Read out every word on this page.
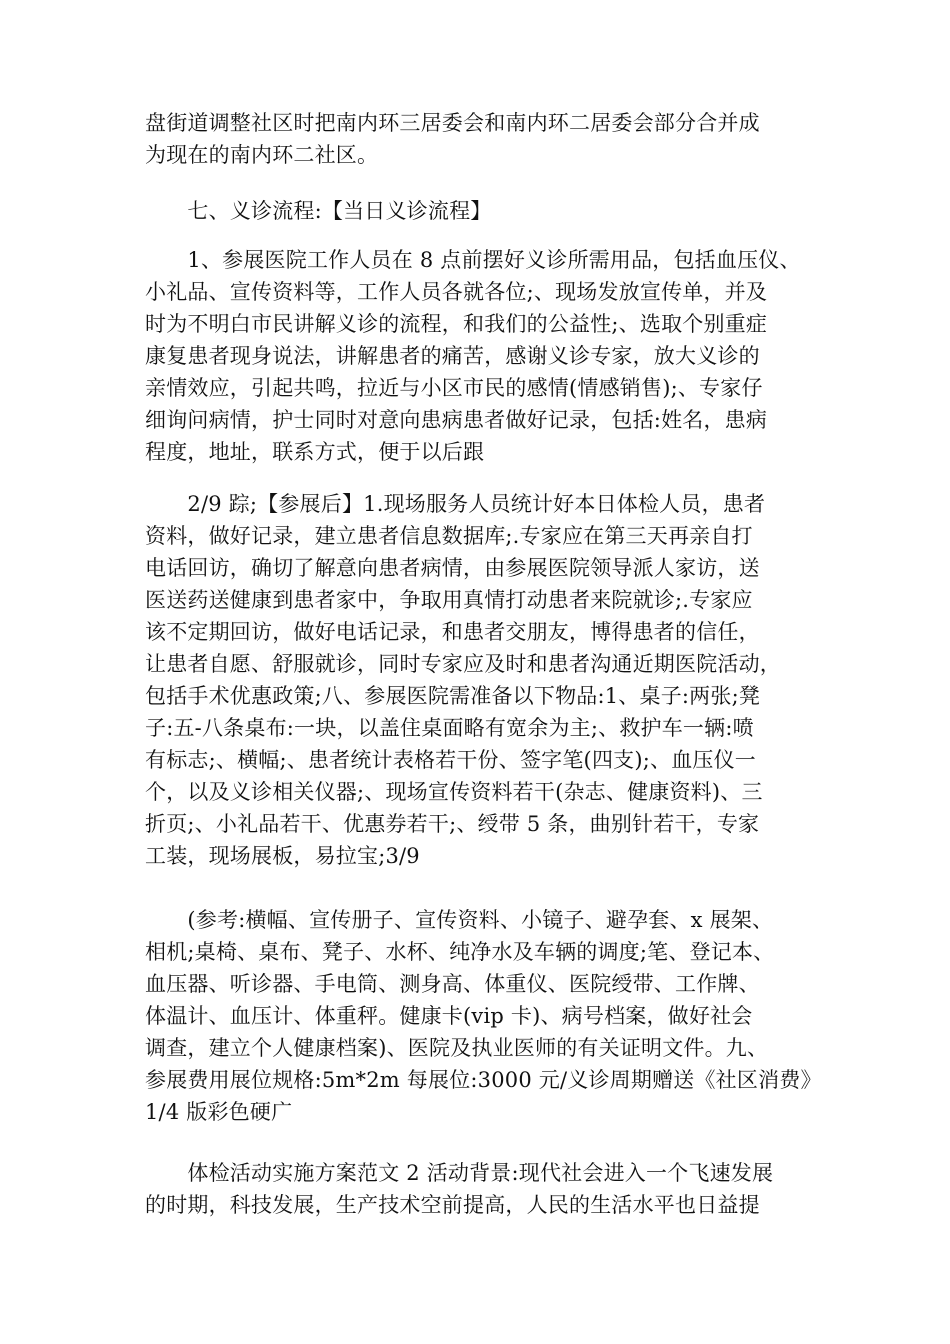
盘街道调整社区时把南内环三居委会和南内环二居委会部分合并成
为现在的南内环二社区。
　　七、义诊流程:【当日义诊流程】
　　1、参展医院工作人员在 8 点前摆好义诊所需用品，包括血压仪、
小礼品、宣传资料等，工作人员各就各位;、现场发放宣传单，并及
时为不明白市民讲解义诊的流程，和我们的公益性;、选取个别重症
康复患者现身说法，讲解患者的痛苦，感谢义诊专家，放大义诊的
亲情效应，引起共鸣，拉近与小区市民的感情(情感销售);、专家仔
细询问病情，护士同时对意向患病患者做好记录，包括:姓名，患病
程度，地址，联系方式，便于以后跟
　　2/9 踪;【参展后】1.现场服务人员统计好本日体检人员，患者
资料，做好记录，建立患者信息数据库;.专家应在第三天再亲自打
电话回访，确切了解意向患者病情，由参展医院领导派人家访，送
医送药送健康到患者家中，争取用真情打动患者来院就诊;.专家应
该不定期回访，做好电话记录，和患者交朋友，博得患者的信任，
让患者自愿、舒服就诊，同时专家应及时和患者沟通近期医院活动，
包括手术优惠政策;八、参展医院需准备以下物品:1、桌子:两张;凳
子:五-八条桌布:一块，以盖住桌面略有宽余为主;、救护车一辆:喷
有标志;、横幅;、患者统计表格若干份、签字笔(四支);、血压仪一
个，以及义诊相关仪器;、现场宣传资料若干(杂志、健康资料)、三
折页;、小礼品若干、优惠券若干;、绶带 5 条，曲别针若干，专家
工装，现场展板，易拉宝;3/9
　　(参考:横幅、宣传册子、宣传资料、小镜子、避孕套、x 展架、
相机;桌椅、桌布、凳子、水杯、纯净水及车辆的调度;笔、登记本、
血压器、听诊器、手电筒、测身高、体重仪、医院绶带、工作牌、
体温计、血压计、体重秤。健康卡(vip 卡)、病号档案，做好社会
调查，建立个人健康档案)、医院及执业医师的有关证明文件。九、
参展费用展位规格:5m*2m 每展位:3000 元/义诊周期赠送《社区消费》
1/4 版彩色硬广
　　体检活动实施方案范文 2 活动背景:现代社会进入一个飞速发展
的时期，科技发展，生产技术空前提高，人民的生活水平也日益提
